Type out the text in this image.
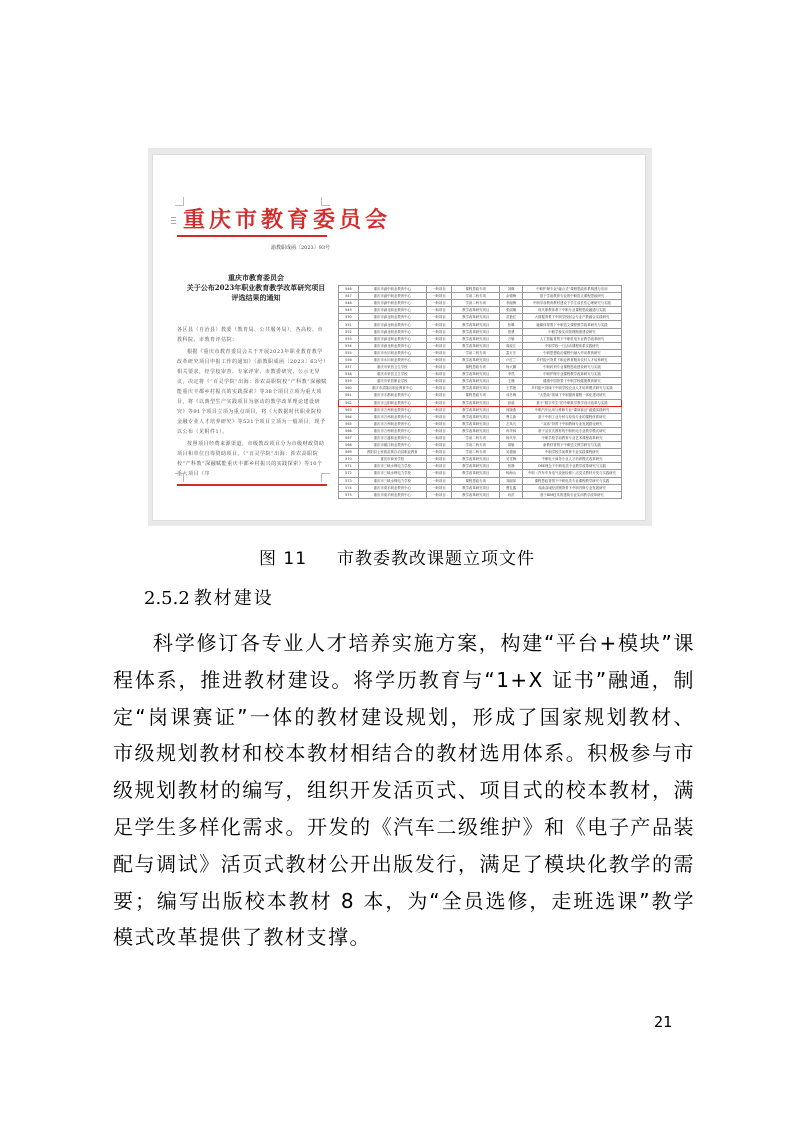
重庆市教育委员会
渝教职成函〔2023〕93号
重庆市教育委员会
关于公布2023年职业教育教学改革研究项目
评选结果的通知

各区县（自治县）教委（教育局、公共服务局），各高校、市教科院、市教育评估院：

根据《重庆市教育委员会关于开展2023年职业教育教学改革研究项目申报工作的通知》（渝教职成函〔2023〕63号）相关要求，经学校审查、专家评审、市教委研究、公示无异议，决定将《“百灵学院”出海：涉农高职院校“产科教”深融赋能重庆丰都乡村振兴的实践探索》等38个项目立项为重大项目，将《以典型生产实践项目为驱动的教学改革理论建设研究》等91个项目立项为重点项目，将《大数据时代职业院校金融专业人才培养研究》等531个项目立项为一般项目，现予以公布（见附件1）。

按照项目经费来源渠道，市级教改项目分为市级财政资助项目和单位自筹资助项目。《“百灵学院”出海：涉农高职院校“产科教”深融赋能重庆丰都乡村振兴的实践探索》等10个重大项目（序

546	重庆市渝中职业教育中心	一般项目	课程思政专项	刘佩	中职护理专业“融合式”课程思政体系构建与应用
547	重庆市渝中职业教育中心	一般项目	学前二科专项	余德梅	基于学前教育专业的中职语文课程思政研究
548	重庆市渝中职业教育中心	一般项目	学前二科专项	李丽梅	中职学前教育教材建设下学生成长性心理研究与实践
549	重庆市渝北职业教育中心	一般项目	教学改革研究项目	张丽娜	现代职教体系下中职专业课程思政融通与实践
550	重庆市渝北职业教育中心	一般项目	教学改革研究项目	武艳红	大数据背景下中职学校财会专业产教融合实践研究
551	重庆市渝北职业教育中心	一般项目	教学改革研究项目	张琳	融媒体背景下中职语文课程教学改革研究与实践
552	重庆市渝北职业教育中心	一般项目	教学改革研究项目	蔡勇	中职学校实训管理制度建设研究
553	重庆市渝北职业教育中心	一般项目	教学改革研究项目	万敏	人工智能背景下中职机电专业教学改革研究
554	重庆市渝北职业教育中心	一般项目	教学改革研究项目	周政江	中职学校一日活动课程体系实践研究
555	重庆市永川职业教育中心	一般项目	学前二科专项	雷万宏	中职思想政治课程中融入劳动教育研究
556	重庆市永川职业教育中心	一般项目	教学改革研究项目	卢红兰	乡村振兴背景下职业教育服务农村人才培养研究
557	重庆市荣昌卫生学校	一般项目	课程思政专项	杨大鹏	中职药剂专业课程思政建设研究与实践
558	重庆市荣昌卫生学校	一般项目	教学改革研究项目	李然	中职护理专业课程教学改革研究与实践
559	重庆市荣昌职业学校	一般项目	教学改革研究项目	王珊	健康中国背景下中职学校健康教育研究
560	重庆市武隆区职业教育中心	一般项目	教学改革研究项目	王君艳	乡村振兴视域下中职学校农业人才培养模式研究与实践
561	重庆市丰都职业教育中心	一般项目	课程思政专项	邓冬梅	“大思政”视域下中职德育课程一体化建设研究
562	重庆市云阳职业教育中心	一般项目	教学改革研究项目	彭渝	基于“数字孪生”的中职数学教学设计改革与实践
563	重庆市万州职业教育中心	一般项目	教学改革研究项目	何晓燕	中职汽车运用与维修专业“课岗赛证”融通实践研究
564	重庆市万州职业教育中心	一般项目	教学改革研究项目	曹立新	基于中职工业分析与检验专业的课程体系研究
565	重庆市万州职业教育中心	一般项目	教学改革研究项目	左凤凡	“双高”背景下中职教师专业发展路径研究
566	重庆市万州职业教育中心	一般项目	教学改革研究项目	冉华林	基于活页式教材的中职机电专业教学模式研究
567	重庆市万盛职业教育中心	一般项目	学前二科专项	杨代华	中职学校学前教育专业艺术课程改革研究
568	重庆市綦江职业教育中心	一般项目	学前二科专项	周敏	新教材背景下中职语文教学研究与实践
569	酉阳县土家族苗族自治县职业教育	一般项目	学前二科专项	吴德琼	中职学校学前教育专业实践课程研究
570	重庆市商务学校	一般项目	教学改革研究项目	吴雪梅	中职电子商务专业人才培养模式改革研究
571	重庆市三峡水利电力学校	一般项目	教学改革研究项目	张静	OBE理念下中职电类专业教学改革研究与实践
572	重庆市三峡水利电力学校	一般项目	教学改革研究项目	杨海山	中职《汽车车身电气设备检修》活页式教材开发与实践研究
573	重庆市三峡水利电力学校	一般项目	课程思政专项	刘丽萍	课程思政背景下中职电类专业课程教学研究与实践
574	重庆市梁平职业教育中心	一般项目	教学改革研究项目	曹礼鑫	成渝双城经济圈背景下中职汽修专业发展研究
575	重庆市梁平职业教育中心	一般项目	教学改革研究项目	向洪	基于BIM技术的建筑专业实训教学改革研究
图 11 市教委教改课题立项文件
2.5.2 教材建设

科学修订各专业人才培养实施方案，构建“平台+模块”课程体系，推进教材建设。将学历教育与“1+X 证书”融通，制定“岗课赛证”一体的教材建设规划，形成了国家规划教材、市级规划教材和校本教材相结合的教材选用体系。积极参与市级规划教材的编写，组织开发活页式、项目式的校本教材，满足学生多样化需求。开发的《汽车二级维护》和《电子产品装配与调试》活页式教材公开出版发行，满足了模块化教学的需要；编写出版校本教材 8 本，为“全员选修，走班选课”教学模式改革提供了教材支撑。

21
